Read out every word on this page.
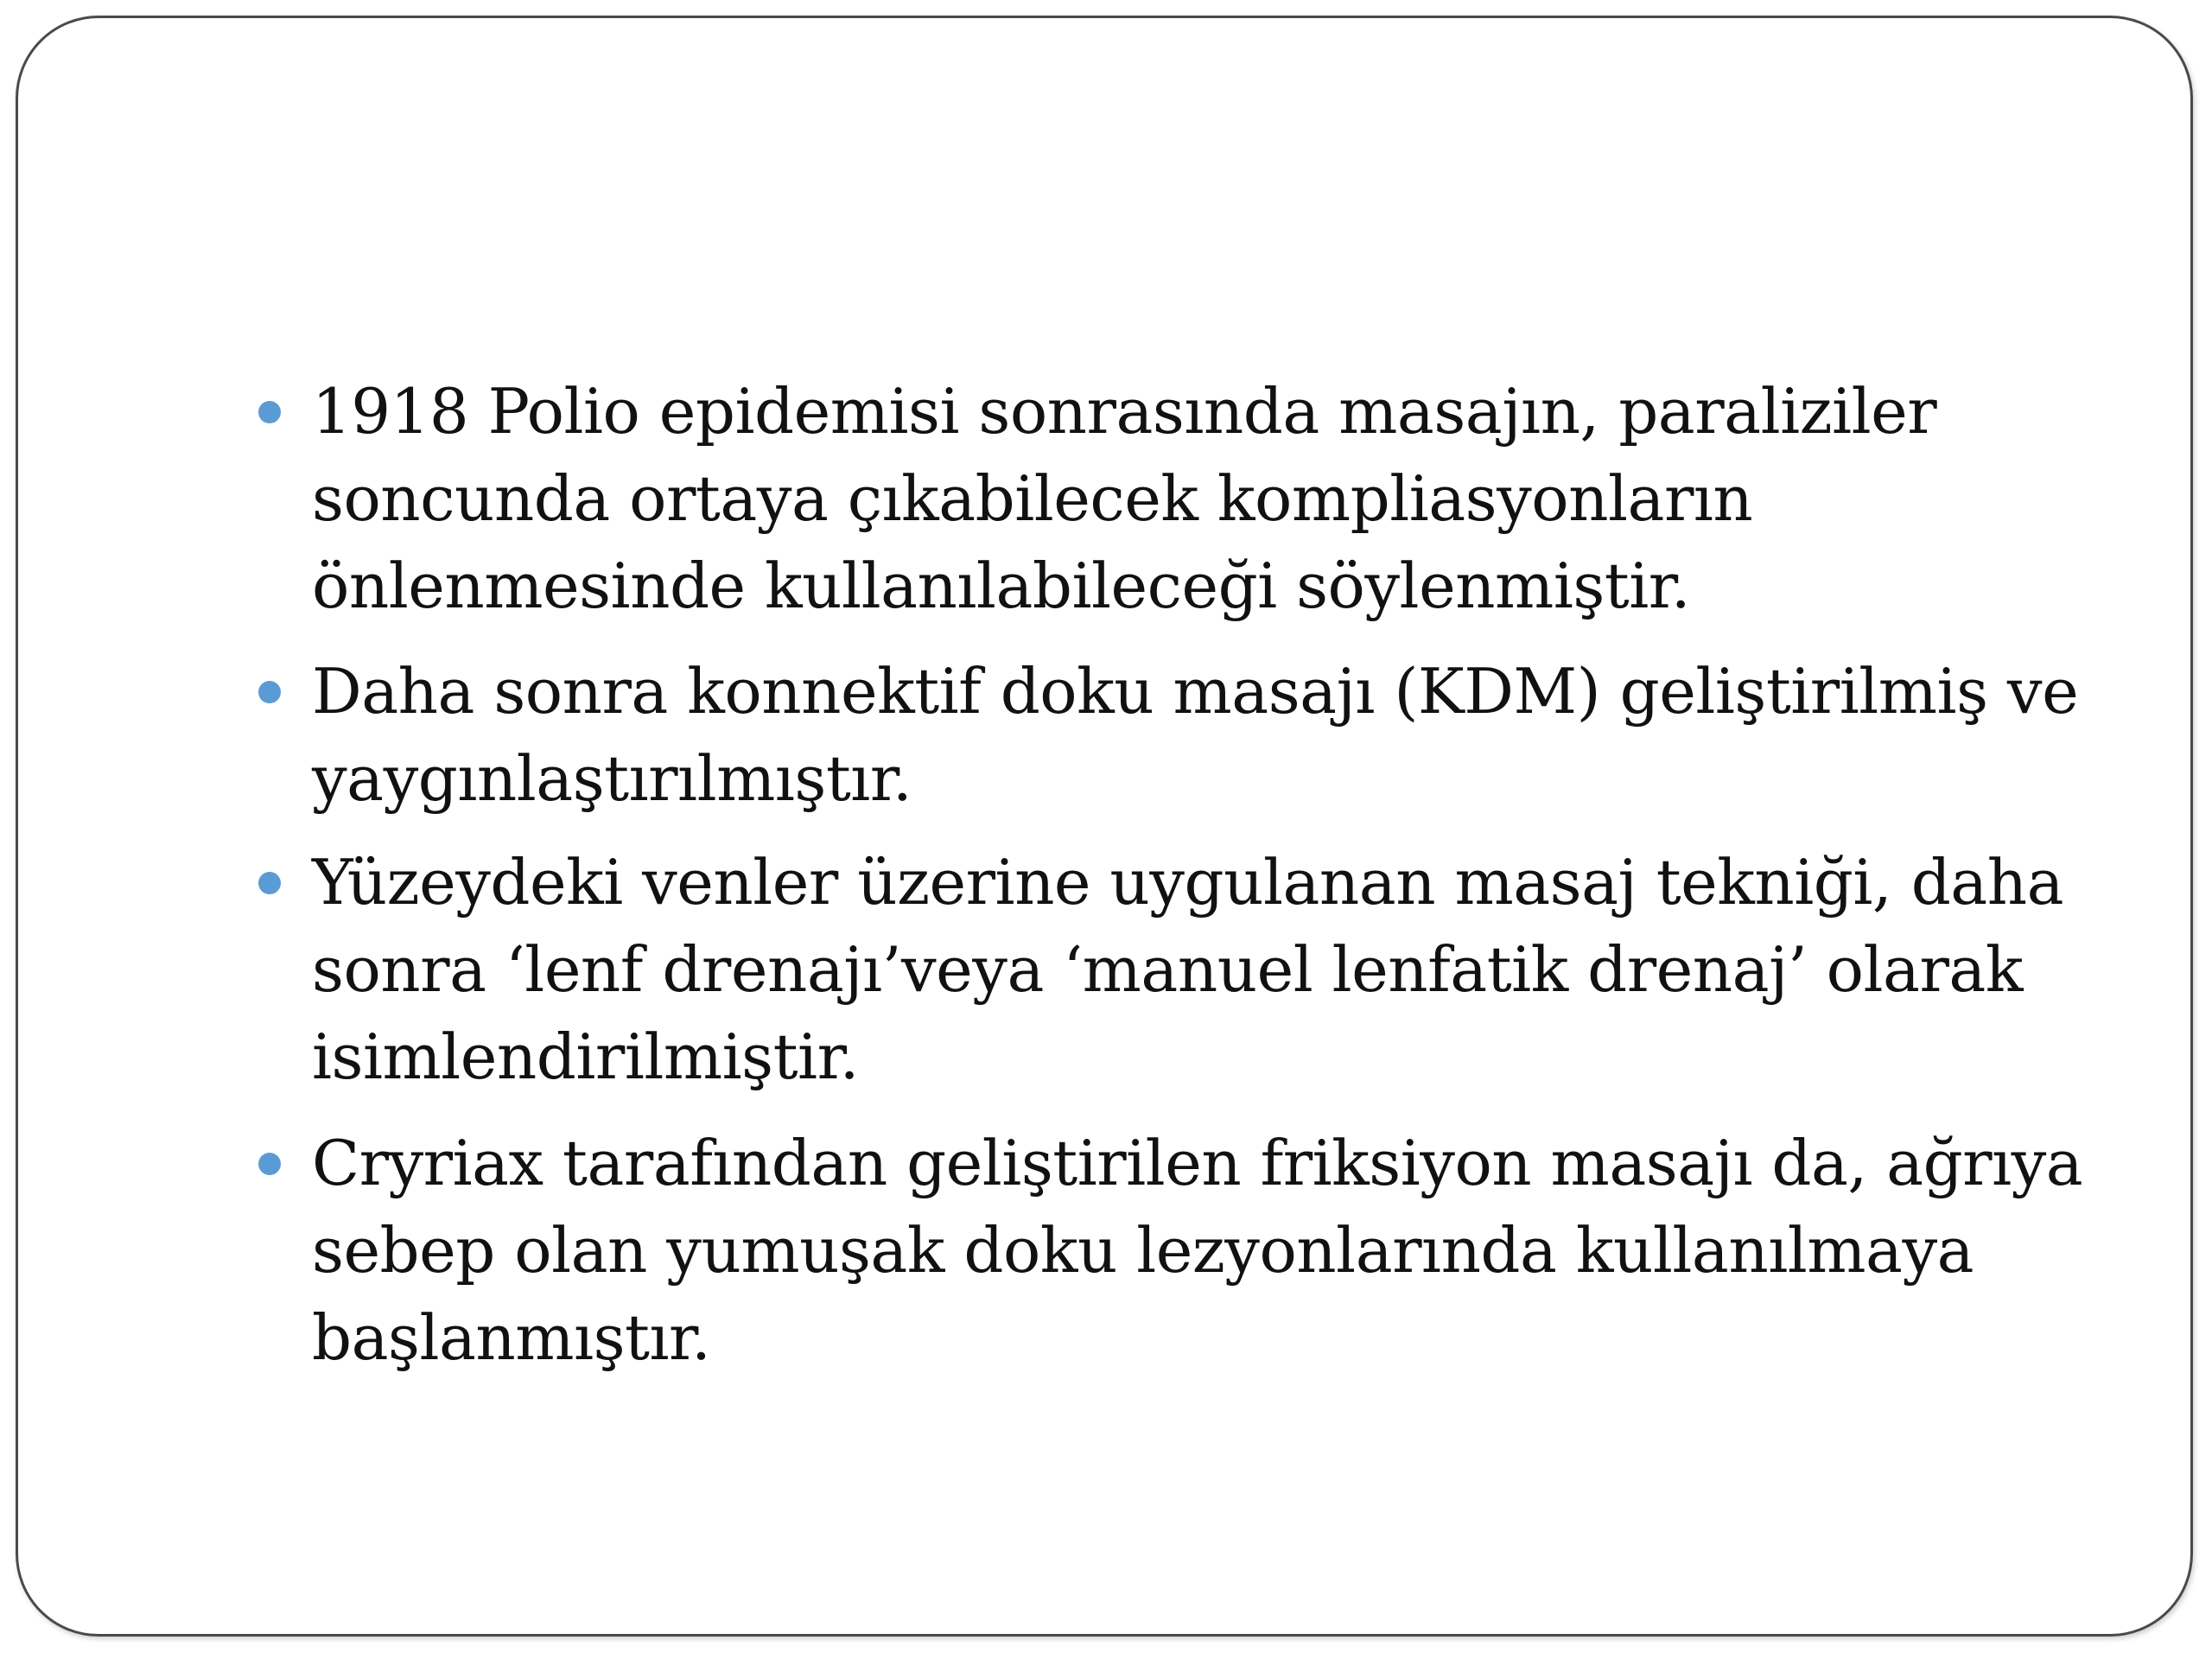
1918 Polio epidemisi sonrasında masajın, paraliziler soncunda ortaya çıkabilecek kompliasyonların önlenmesinde kullanılabileceği söylenmiştir.
Daha sonra konnektif doku masajı (KDM) geliştirilmiş ve yaygınlaştırılmıştır.
Yüzeydeki venler üzerine uygulanan masaj tekniği, daha sonra ‘lenf drenajı’veya ‘manuel lenfatik drenaj’ olarak isimlendirilmiştir.
Cryriax tarafından geliştirilen friksiyon masajı da, ağrıya sebep olan yumuşak doku lezyonlarında kullanılmaya başlanmıştır.
